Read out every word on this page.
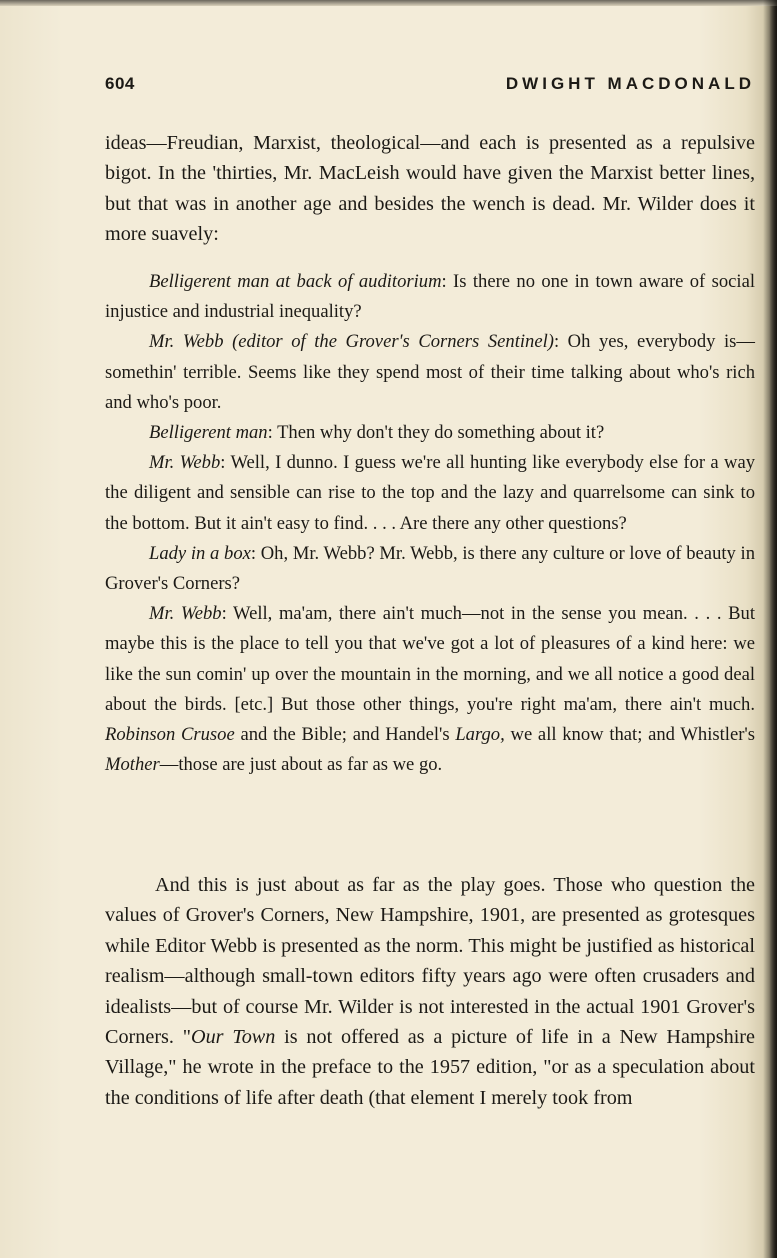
604	DWIGHT MACDONALD

ideas—Freudian, Marxist, theological—and each is presented as a repulsive bigot. In the 'thirties, Mr. MacLeish would have given the Marxist better lines, but that was in another age and besides the wench is dead. Mr. Wilder does it more suavely:

Belligerent man at back of auditorium: Is there no one in town aware of social injustice and industrial inequality?

Mr. Webb (editor of the Grover's Corners Sentinel): Oh yes, everybody is—somethin' terrible. Seems like they spend most of their time talking about who's rich and who's poor.

Belligerent man: Then why don't they do something about it?

Mr. Webb: Well, I dunno. I guess we're all hunting like everybody else for a way the diligent and sensible can rise to the top and the lazy and quarrelsome can sink to the bottom. But it ain't easy to find. . . . Are there any other questions?

Lady in a box: Oh, Mr. Webb? Mr. Webb, is there any culture or love of beauty in Grover's Corners?

Mr. Webb: Well, ma'am, there ain't much—not in the sense you mean. . . . But maybe this is the place to tell you that we've got a lot of pleasures of a kind here: we like the sun comin' up over the mountain in the morning, and we all notice a good deal about the birds. [etc.] But those other things, you're right ma'am, there ain't much. Robinson Crusoe and the Bible; and Handel's Largo, we all know that; and Whistler's Mother—those are just about as far as we go.

And this is just about as far as the play goes. Those who question the values of Grover's Corners, New Hampshire, 1901, are presented as grotesques while Editor Webb is presented as the norm. This might be justified as historical realism—although small-town editors fifty years ago were often crusaders and idealists—but of course Mr. Wilder is not interested in the actual 1901 Grover's Corners. "Our Town is not offered as a picture of life in a New Hampshire Village," he wrote in the preface to the 1957 edition, "or as a speculation about the conditions of life after death (that element I merely took from
